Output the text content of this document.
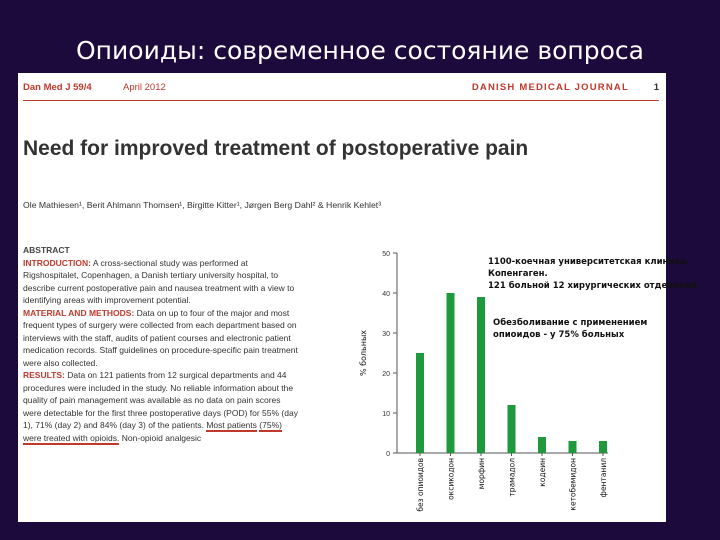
Опиоиды: современное состояние вопроса
Dan Med J 59/4	April 2012	DANISH MEDICAL JOURNAL	1
Need for improved treatment of postoperative pain
Ole Mathiesen¹, Berit Ahlmann Thomsen¹, Birgitte Kitter¹, Jørgen Berg Dahl² & Henrik Kehlet³
ABSTRACT
INTRODUCTION: A cross-sectional study was performed at Rigshospitalet, Copenhagen, a Danish tertiary university hospital, to describe current postoperative pain and nausea treatment with a view to identifying areas with improvement potential.
MATERIAL AND METHODS: Data on up to four of the major and most frequent types of surgery were collected from each department based on interviews with the staff, audits of patient courses and electronic patient medication records. Staff guidelines on procedure-specific pain treatment were also collected.
RESULTS: Data on 121 patients from 12 surgical departments and 44 procedures were included in the study. No reliable information about the quality of pain management was available as no data on pain scores were detectable for the first three postoperative days (POD) for 55% (day 1), 71% (day 2) and 84% (day 3) of the patients. Most patients (75%) were treated with opioids. Non-opioid analgesic
0
10
20
30
40
50
% больных
без опиоидов	оксикодон	морфин	трамадол	кодеин	кетобемидон	фентанил
1100-коечная университетская клиника,
Копенгаген.
121 больной 12 хирургических отделений
Обезболивание с применением
опиоидов - у 75% больных
